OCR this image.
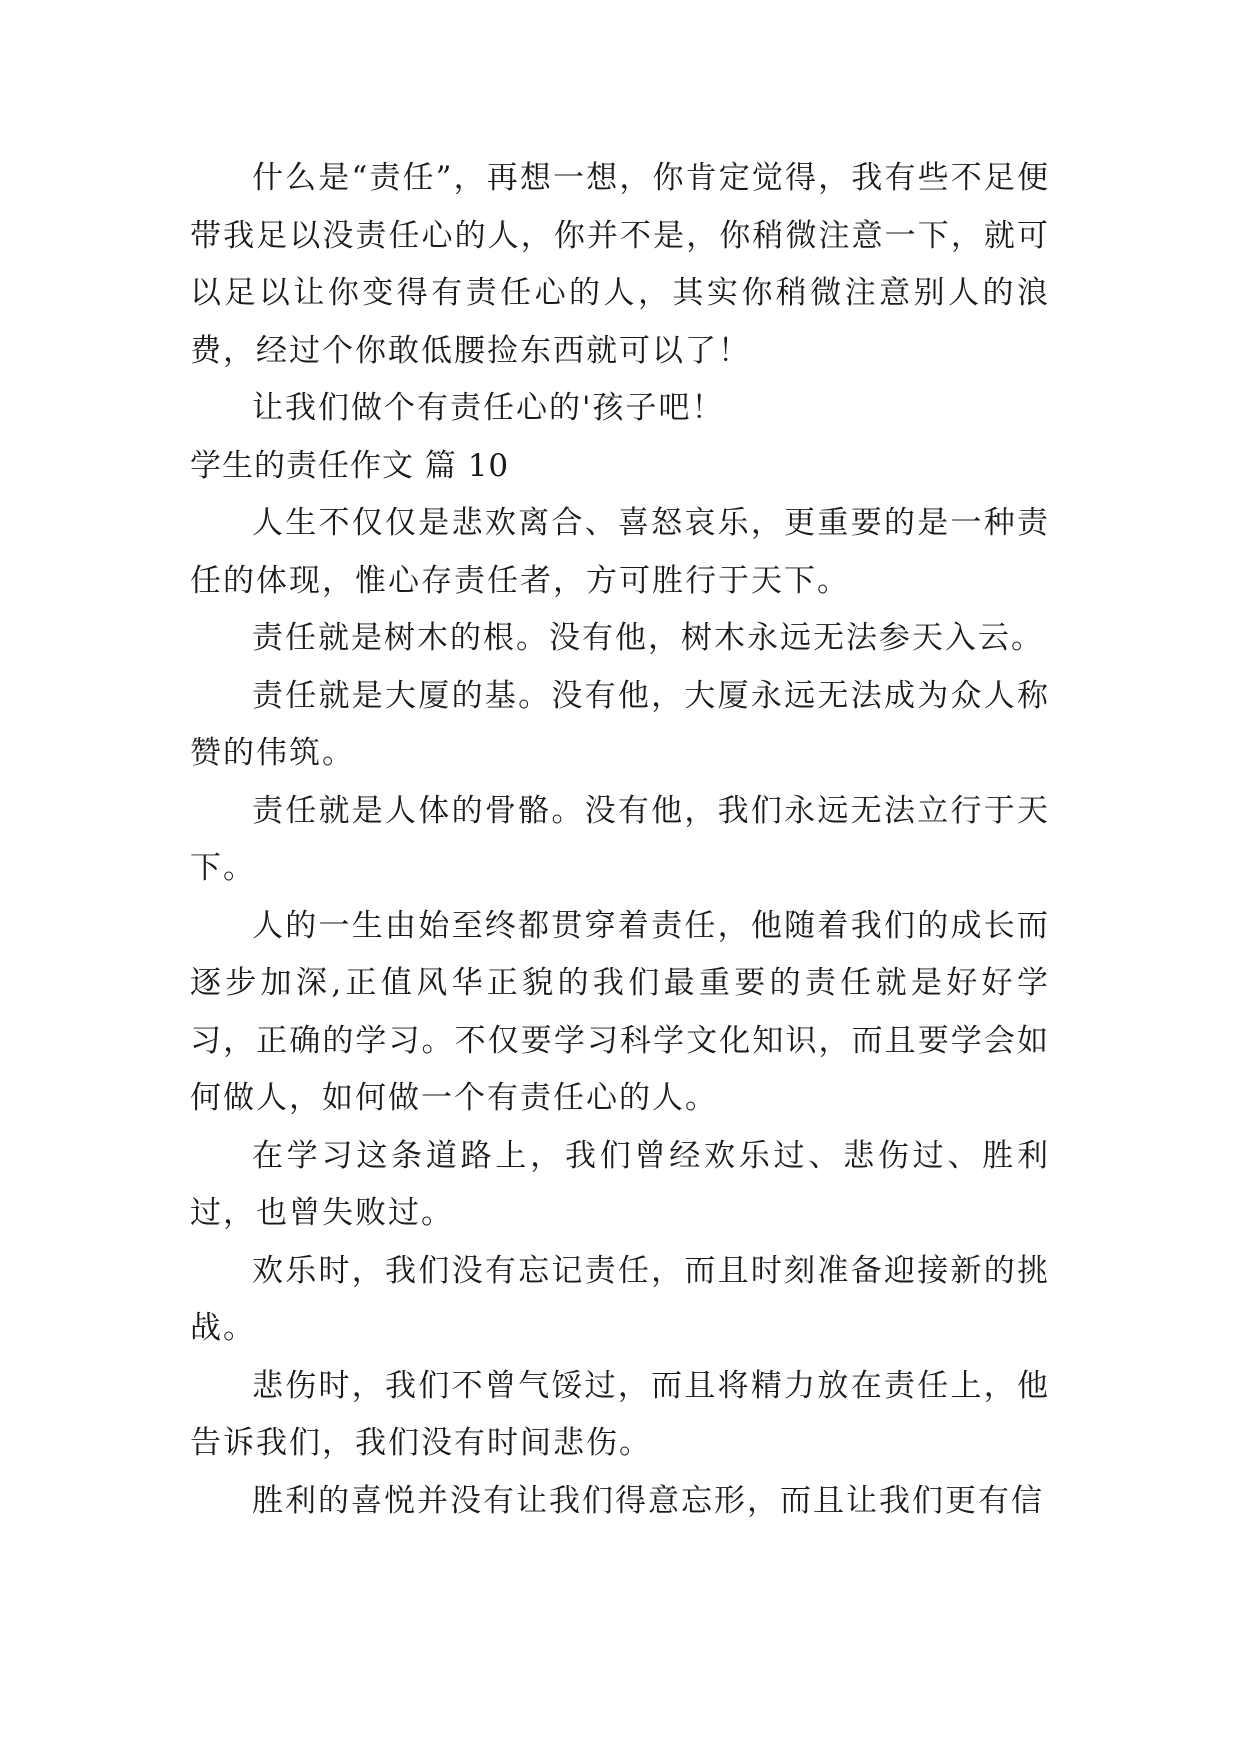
什么是“责任”，再想一想，你肯定觉得，我有些不足便带我足以没责任心的人，你并不是，你稍微注意一下，就可以足以让你变得有责任心的人，其实你稍微注意别人的浪费，经过个你敢低腰捡东西就可以了！

让我们做个有责任心的'孩子吧！

学生的责任作文 篇 10

人生不仅仅是悲欢离合、喜怒哀乐，更重要的是一种责任的体现，惟心存责任者，方可胜行于天下。

责任就是树木的根。没有他，树木永远无法参天入云。

责任就是大厦的基。没有他，大厦永远无法成为众人称赞的伟筑。

责任就是人体的骨骼。没有他，我们永远无法立行于天下。

人的一生由始至终都贯穿着责任，他随着我们的成长而逐步加深,正值风华正貌的我们最重要的责任就是好好学习，正确的学习。不仅要学习科学文化知识，而且要学会如何做人，如何做一个有责任心的人。

在学习这条道路上，我们曾经欢乐过、悲伤过、胜利过，也曾失败过。

欢乐时，我们没有忘记责任，而且时刻准备迎接新的挑战。

悲伤时，我们不曾气馁过，而且将精力放在责任上，他告诉我们，我们没有时间悲伤。

胜利的喜悦并没有让我们得意忘形，而且让我们更有信
